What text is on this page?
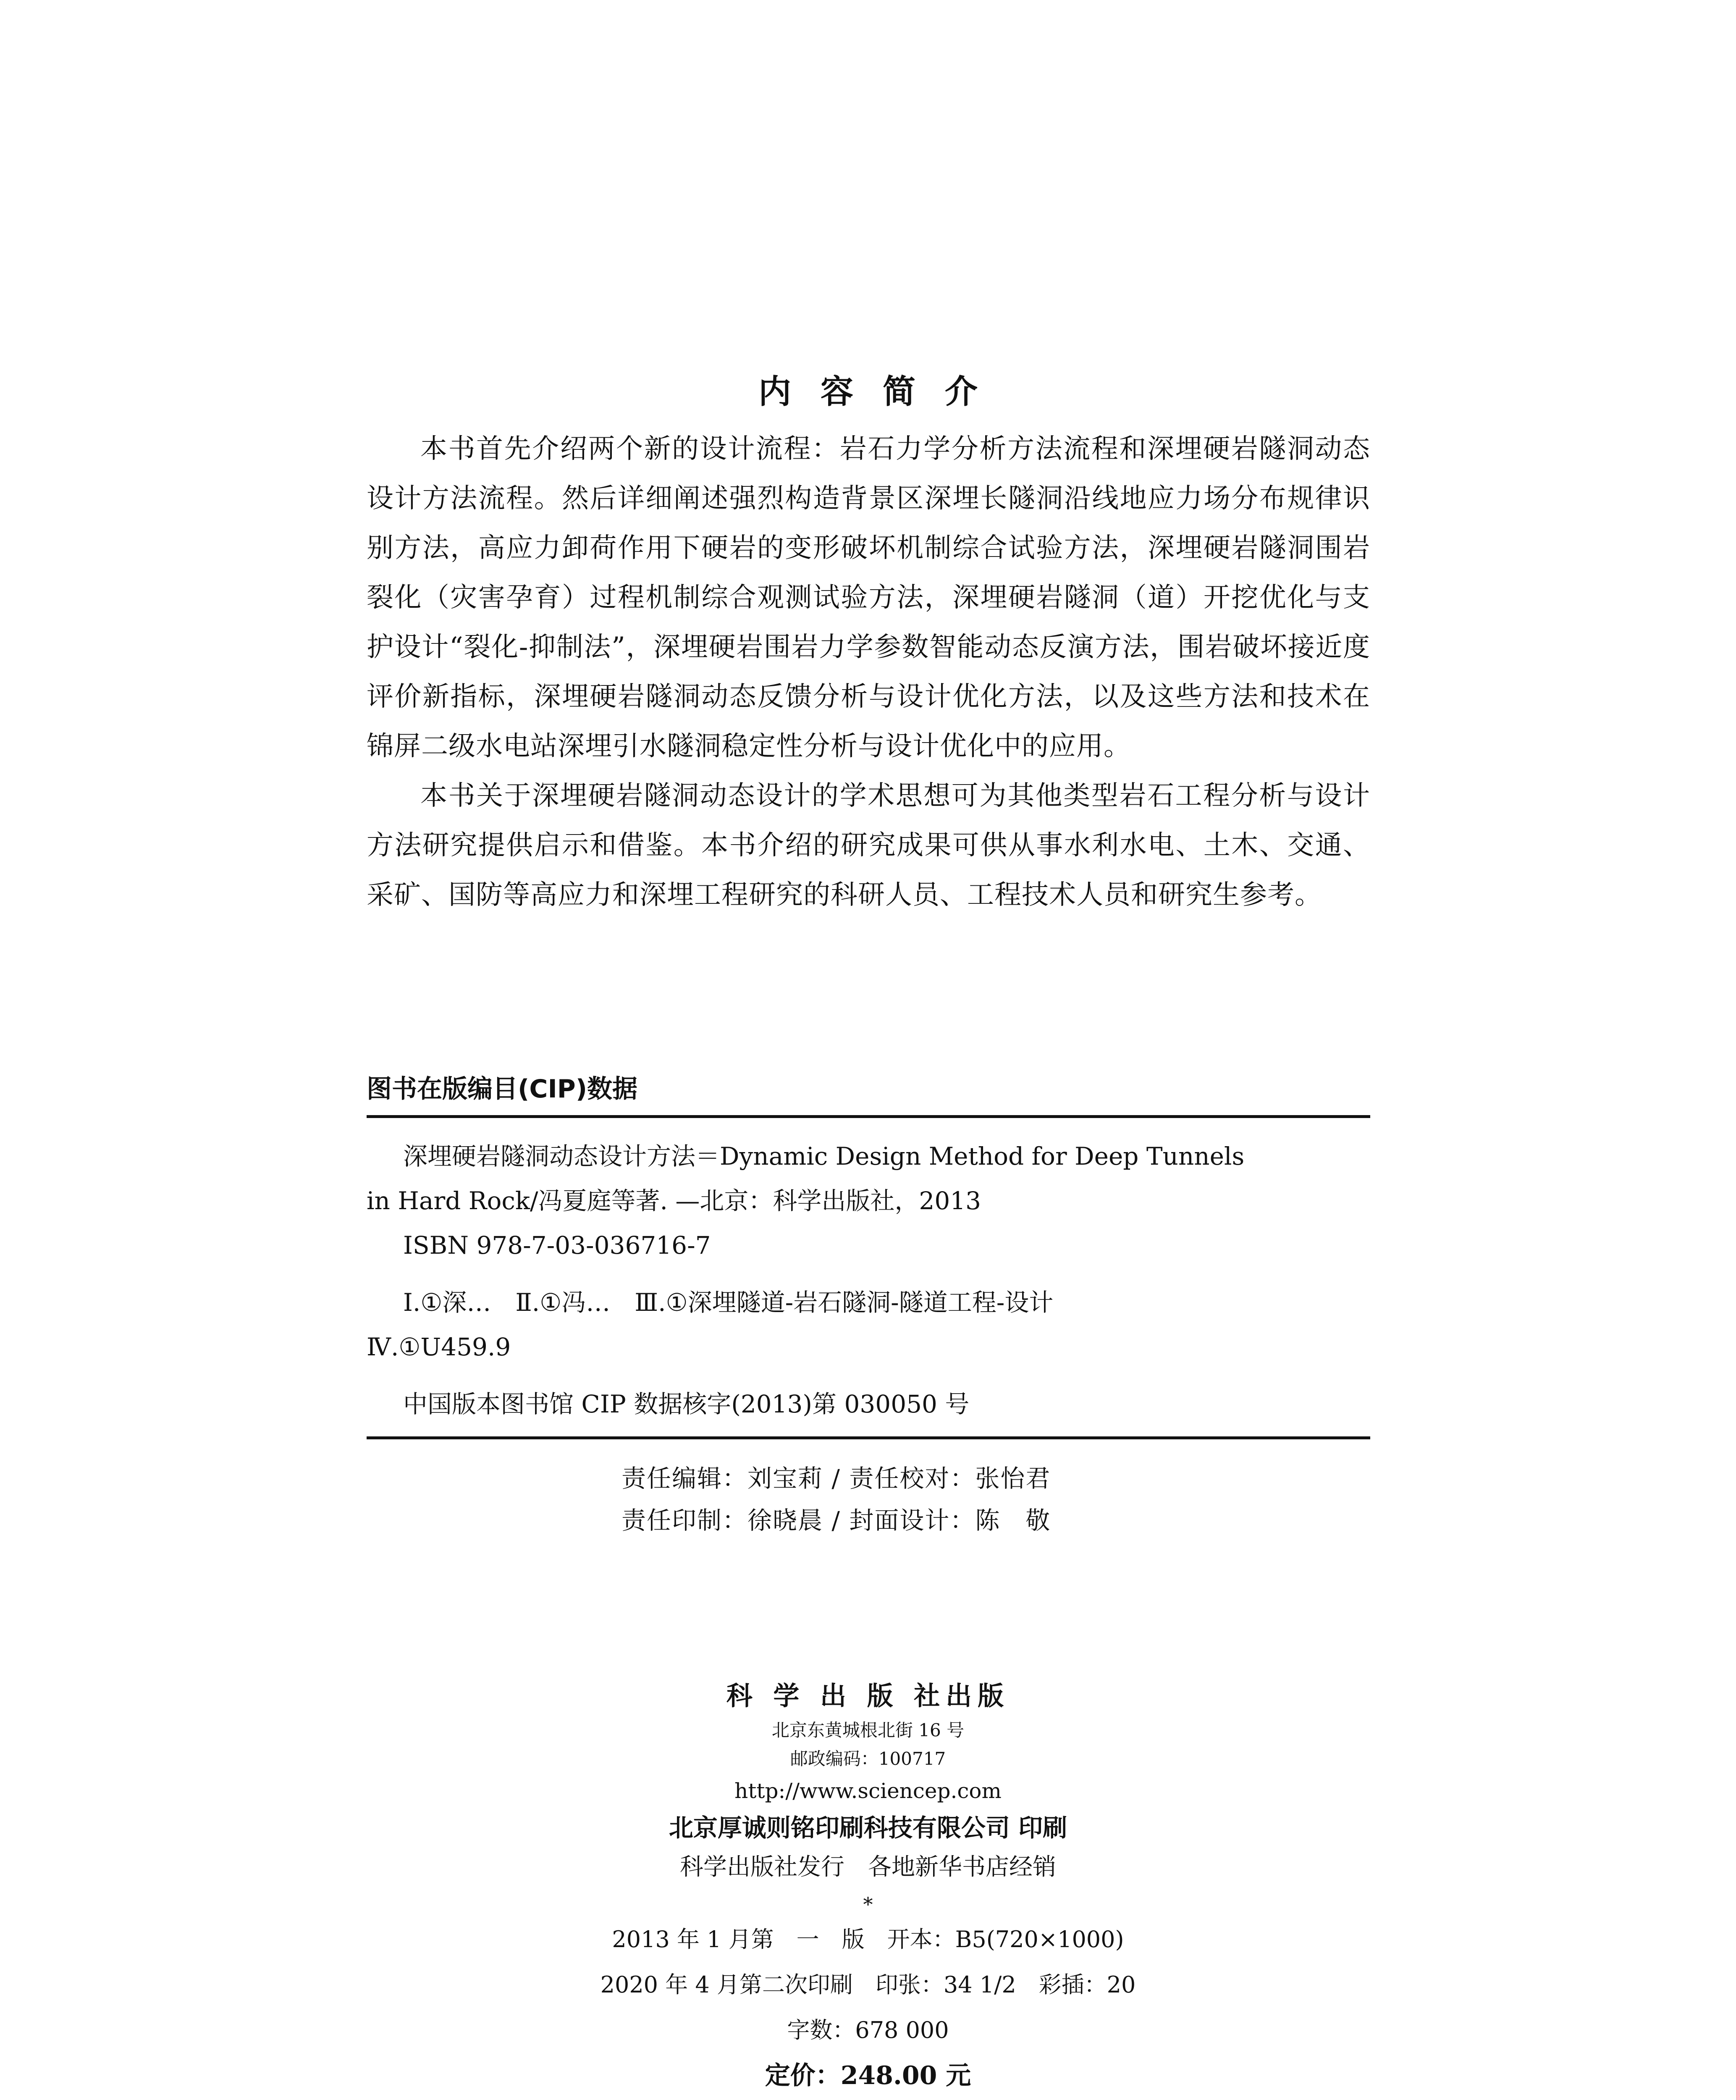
内容简介

本书首先介绍两个新的设计流程：岩石力学分析方法流程和深埋硬岩隧洞动态设计方法流程。然后详细阐述强烈构造背景区深埋长隧洞沿线地应力场分布规律识别方法，高应力卸荷作用下硬岩的变形破坏机制综合试验方法，深埋硬岩隧洞围岩裂化（灾害孕育）过程机制综合观测试验方法，深埋硬岩隧洞（道）开挖优化与支护设计“裂化-抑制法”，深埋硬岩围岩力学参数智能动态反演方法，围岩破坏接近度评价新指标，深埋硬岩隧洞动态反馈分析与设计优化方法，以及这些方法和技术在锦屏二级水电站深埋引水隧洞稳定性分析与设计优化中的应用。

本书关于深埋硬岩隧洞动态设计的学术思想可为其他类型岩石工程分析与设计方法研究提供启示和借鉴。本书介绍的研究成果可供从事水利水电、土木、交通、采矿、国防等高应力和深埋工程研究的科研人员、工程技术人员和研究生参考。

图书在版编目(CIP)数据
深埋硬岩隧洞动态设计方法＝Dynamic Design Method for Deep Tunnels
in Hard Rock/冯夏庭等著. —北京：科学出版社，2013
ISBN 978-7-03-036716-7
Ⅰ.①深…　Ⅱ.①冯…　Ⅲ.①深埋隧道-岩石隧洞-隧道工程-设计
Ⅳ.①U459.9
中国版本图书馆 CIP 数据核字(2013)第 030050 号
责任编辑：刘宝莉 / 责任校对：张怡君
责任印制：徐晓晨 / 封面设计：陈　敬
科 学 出 版 社出版
北京东黄城根北街 16 号
邮政编码：100717
http://www.sciencep.com
北京厚诚则铭印刷科技有限公司 印刷
科学出版社发行　各地新华书店经销
*
2013 年 1 月第　一　版　开本：B5(720×1000)
2020 年 4 月第二次印刷　印张：34 1/2　彩插：20
字数：678 000
定价：248.00 元
